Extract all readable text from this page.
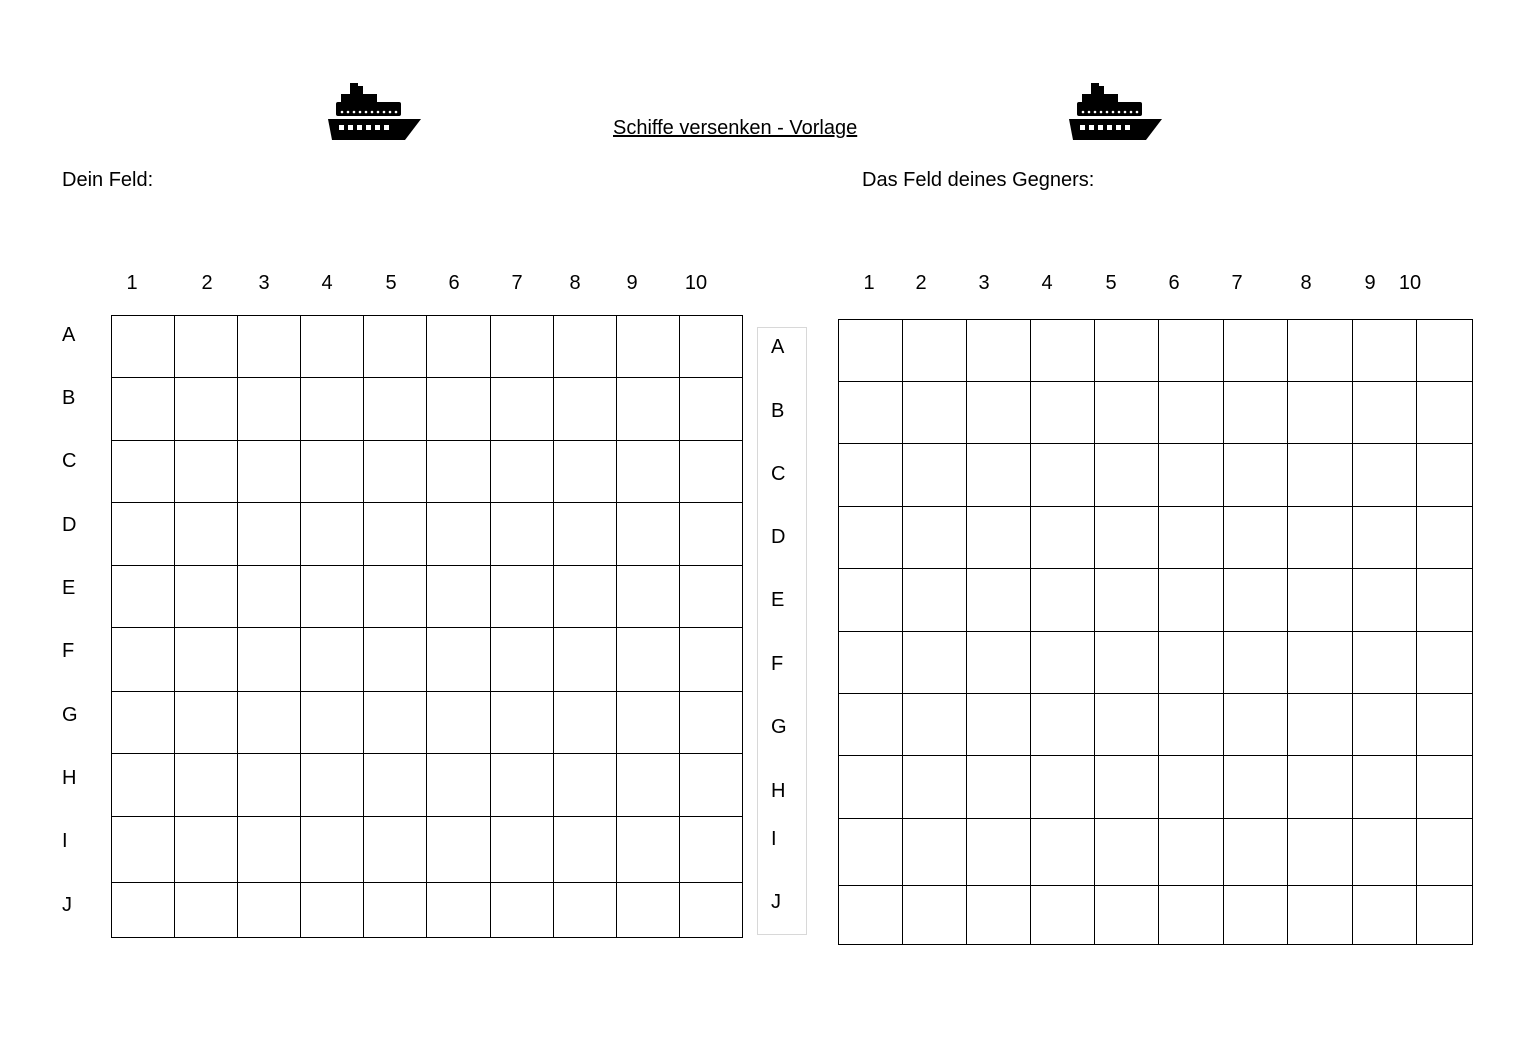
Schiffe versenken - Vorlage
Dein Feld:	Das Feld deines Gegners:
1	2 3	4	5	6	7 8 9 10
A
B
C
D
E
F
G
H
I
J

A
B
C
D
E
F
G
H
I
J
1 2	3	4	5	6	7	8	9 10
